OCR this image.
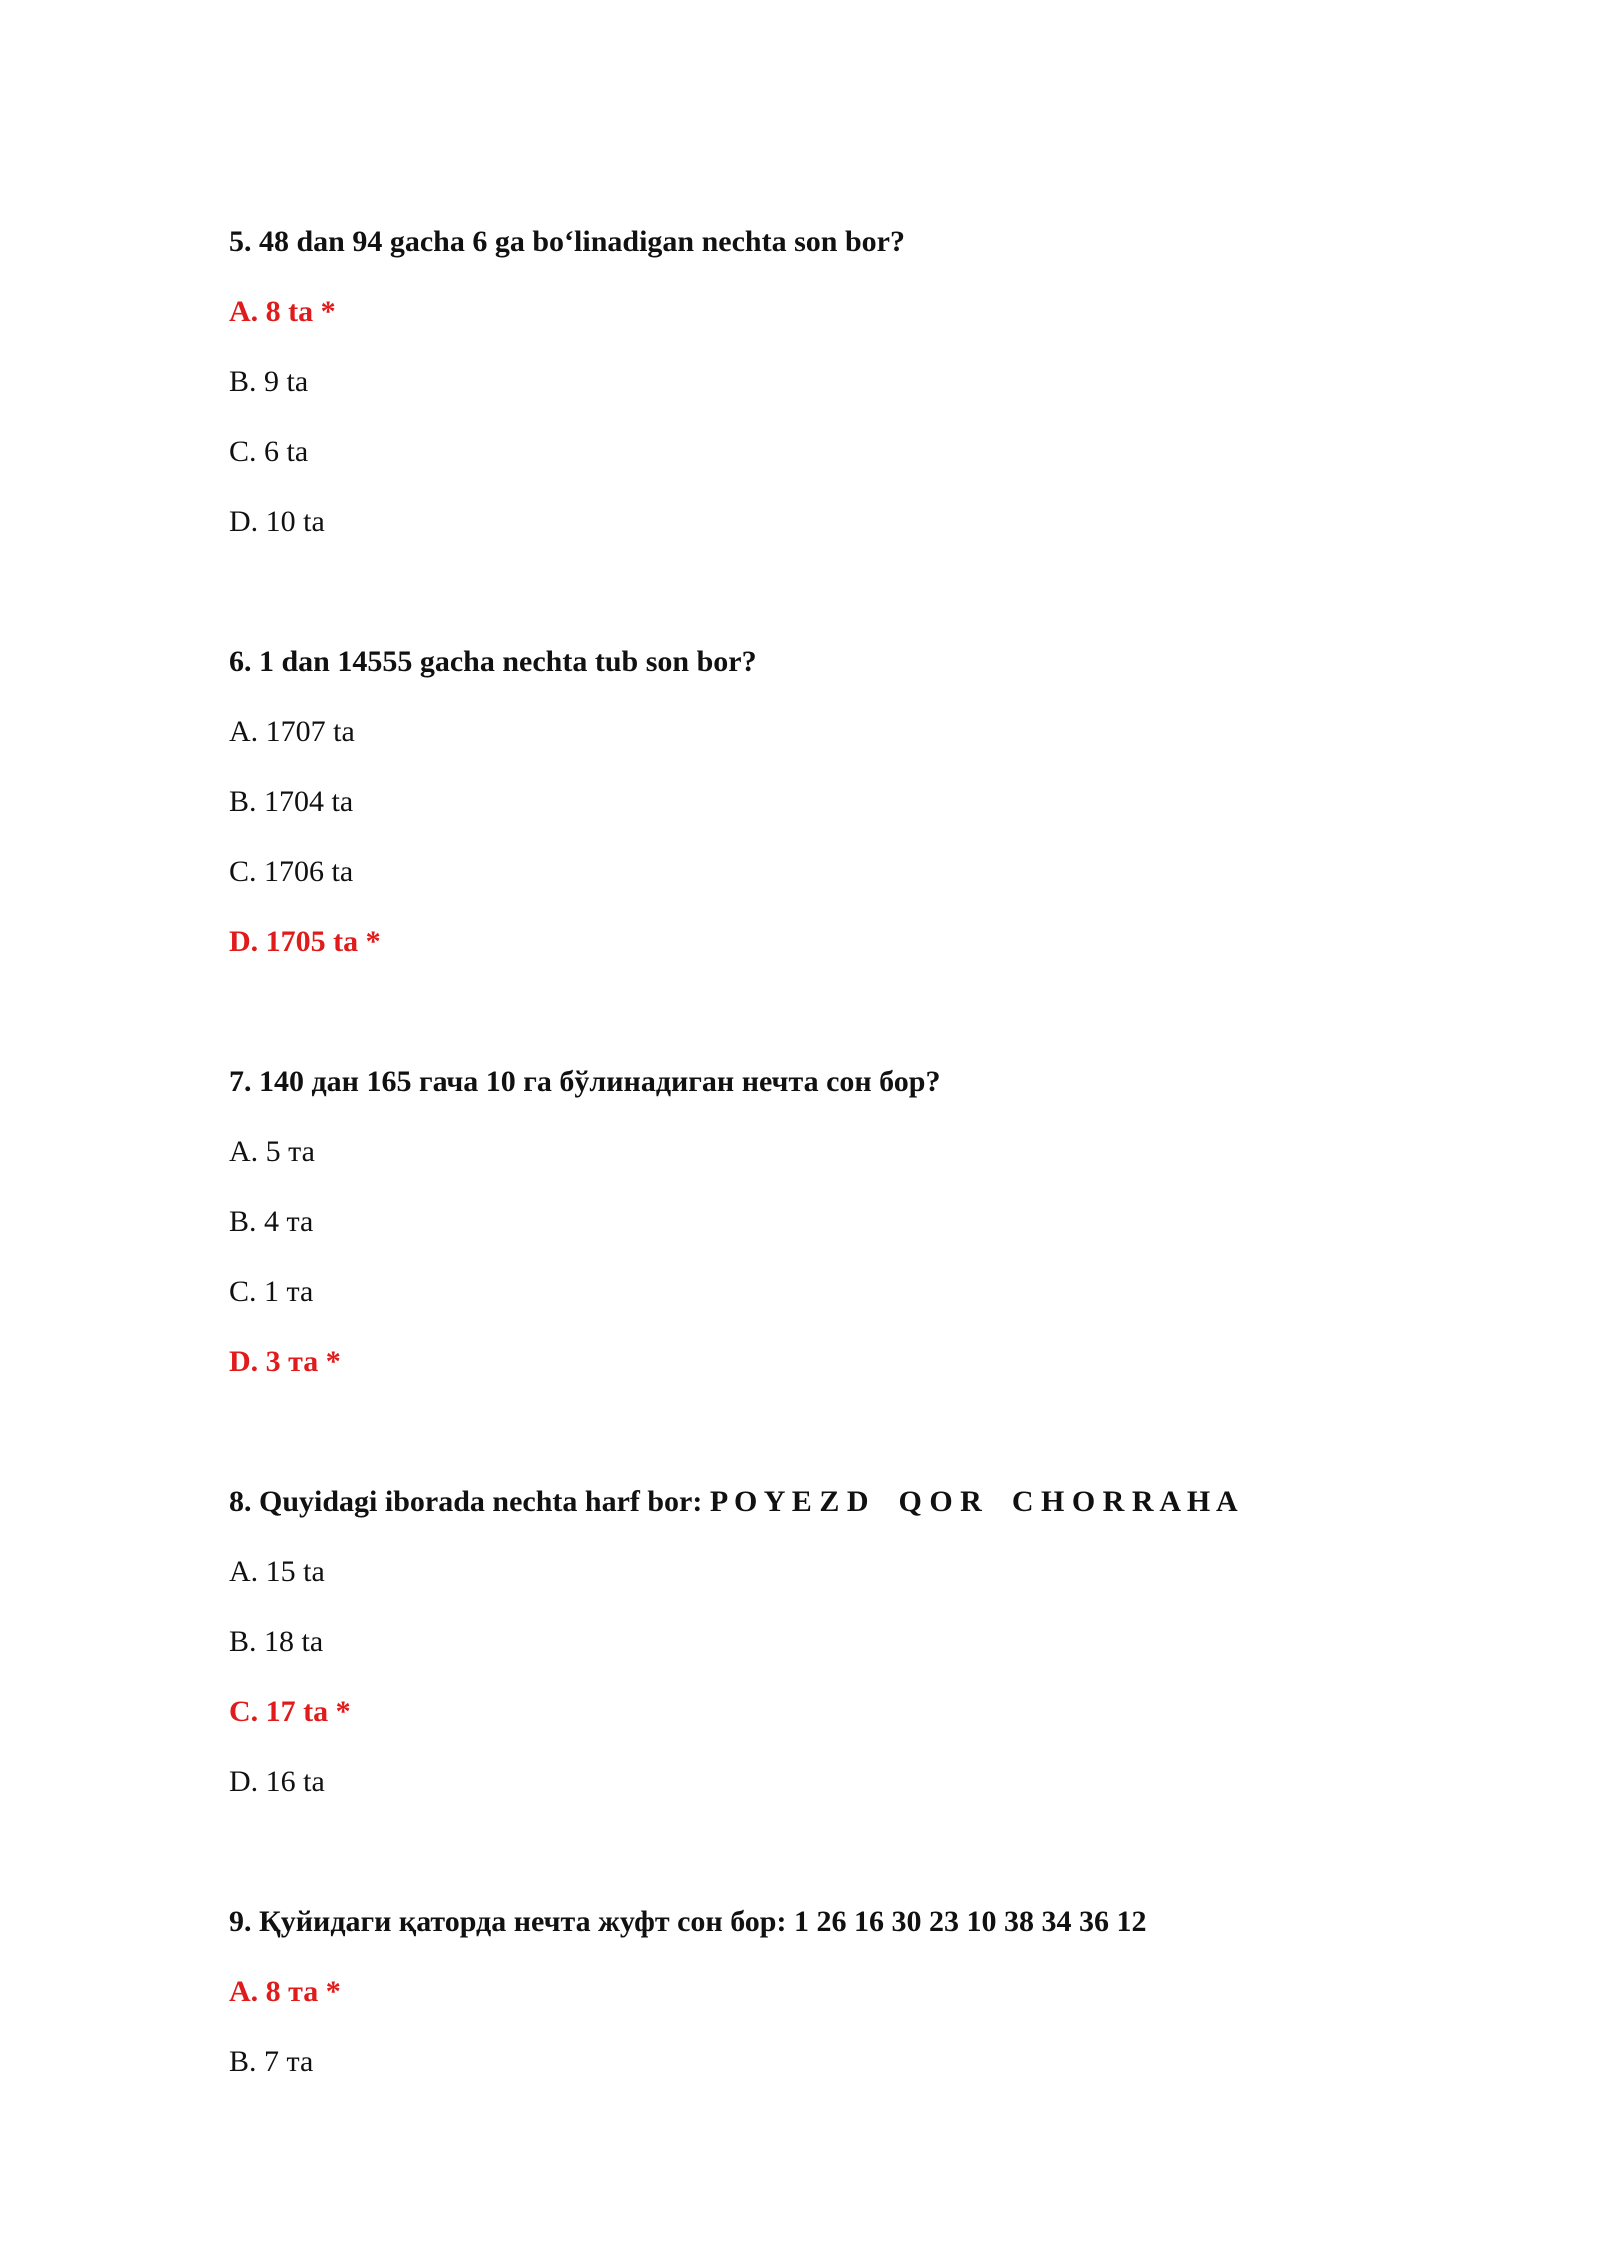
5. 48 dan 94 gacha 6 ga bo‘linadigan nechta son bor?
A. 8 ta *
B. 9 ta
C. 6 ta
D. 10 ta
6. 1 dan 14555 gacha nechta tub son bor?
A. 1707 ta
B. 1704 ta
C. 1706 ta
D. 1705 ta *
7. 140 дан 165 гача 10 га бўлинадиган нечта сон бор?
A. 5 та
B. 4 та
C. 1 та
D. 3 та *
8. Quyidagi iborada nechta harf bor: P O Y E Z D    Q O R    C H O R R A H A
A. 15 ta
B. 18 ta
C. 17 ta *
D. 16 ta
9. Қуйидаги қаторда нечта жуфт сон бор: 1 26 16 30 23 10 38 34 36 12
A. 8 та *
B. 7 та
